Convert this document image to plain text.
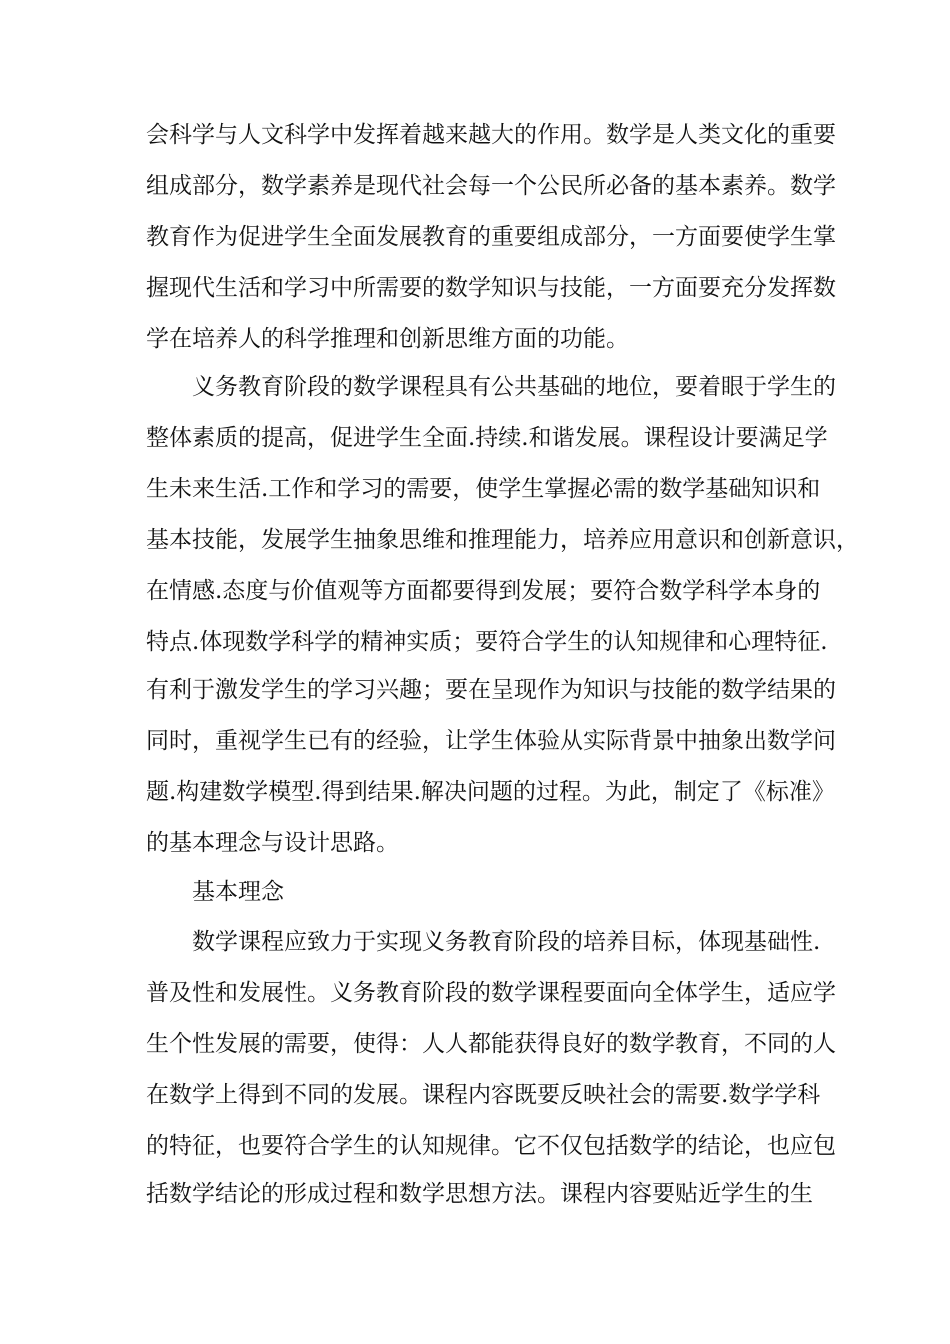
会科学与人文科学中发挥着越来越大的作用。数学是人类文化的重要
组成部分，数学素养是现代社会每一个公民所必备的基本素养。数学
教育作为促进学生全面发展教育的重要组成部分，一方面要使学生掌
握现代生活和学习中所需要的数学知识与技能，一方面要充分发挥数
学在培养人的科学推理和创新思维方面的功能。
义务教育阶段的数学课程具有公共基础的地位，要着眼于学生的
整体素质的提高，促进学生全面.持续.和谐发展。课程设计要满足学
生未来生活.工作和学习的需要，使学生掌握必需的数学基础知识和
基本技能，发展学生抽象思维和推理能力，培养应用意识和创新意识，
在情感.态度与价值观等方面都要得到发展；要符合数学科学本身的
特点.体现数学科学的精神实质；要符合学生的认知规律和心理特征.
有利于激发学生的学习兴趣；要在呈现作为知识与技能的数学结果的
同时，重视学生已有的经验，让学生体验从实际背景中抽象出数学问
题.构建数学模型.得到结果.解决问题的过程。为此，制定了《标准》
的基本理念与设计思路。
基本理念
数学课程应致力于实现义务教育阶段的培养目标，体现基础性.
普及性和发展性。义务教育阶段的数学课程要面向全体学生，适应学
生个性发展的需要，使得：人人都能获得良好的数学教育，不同的人
在数学上得到不同的发展。课程内容既要反映社会的需要.数学学科
的特征，也要符合学生的认知规律。它不仅包括数学的结论，也应包
括数学结论的形成过程和数学思想方法。课程内容要贴近学生的生
